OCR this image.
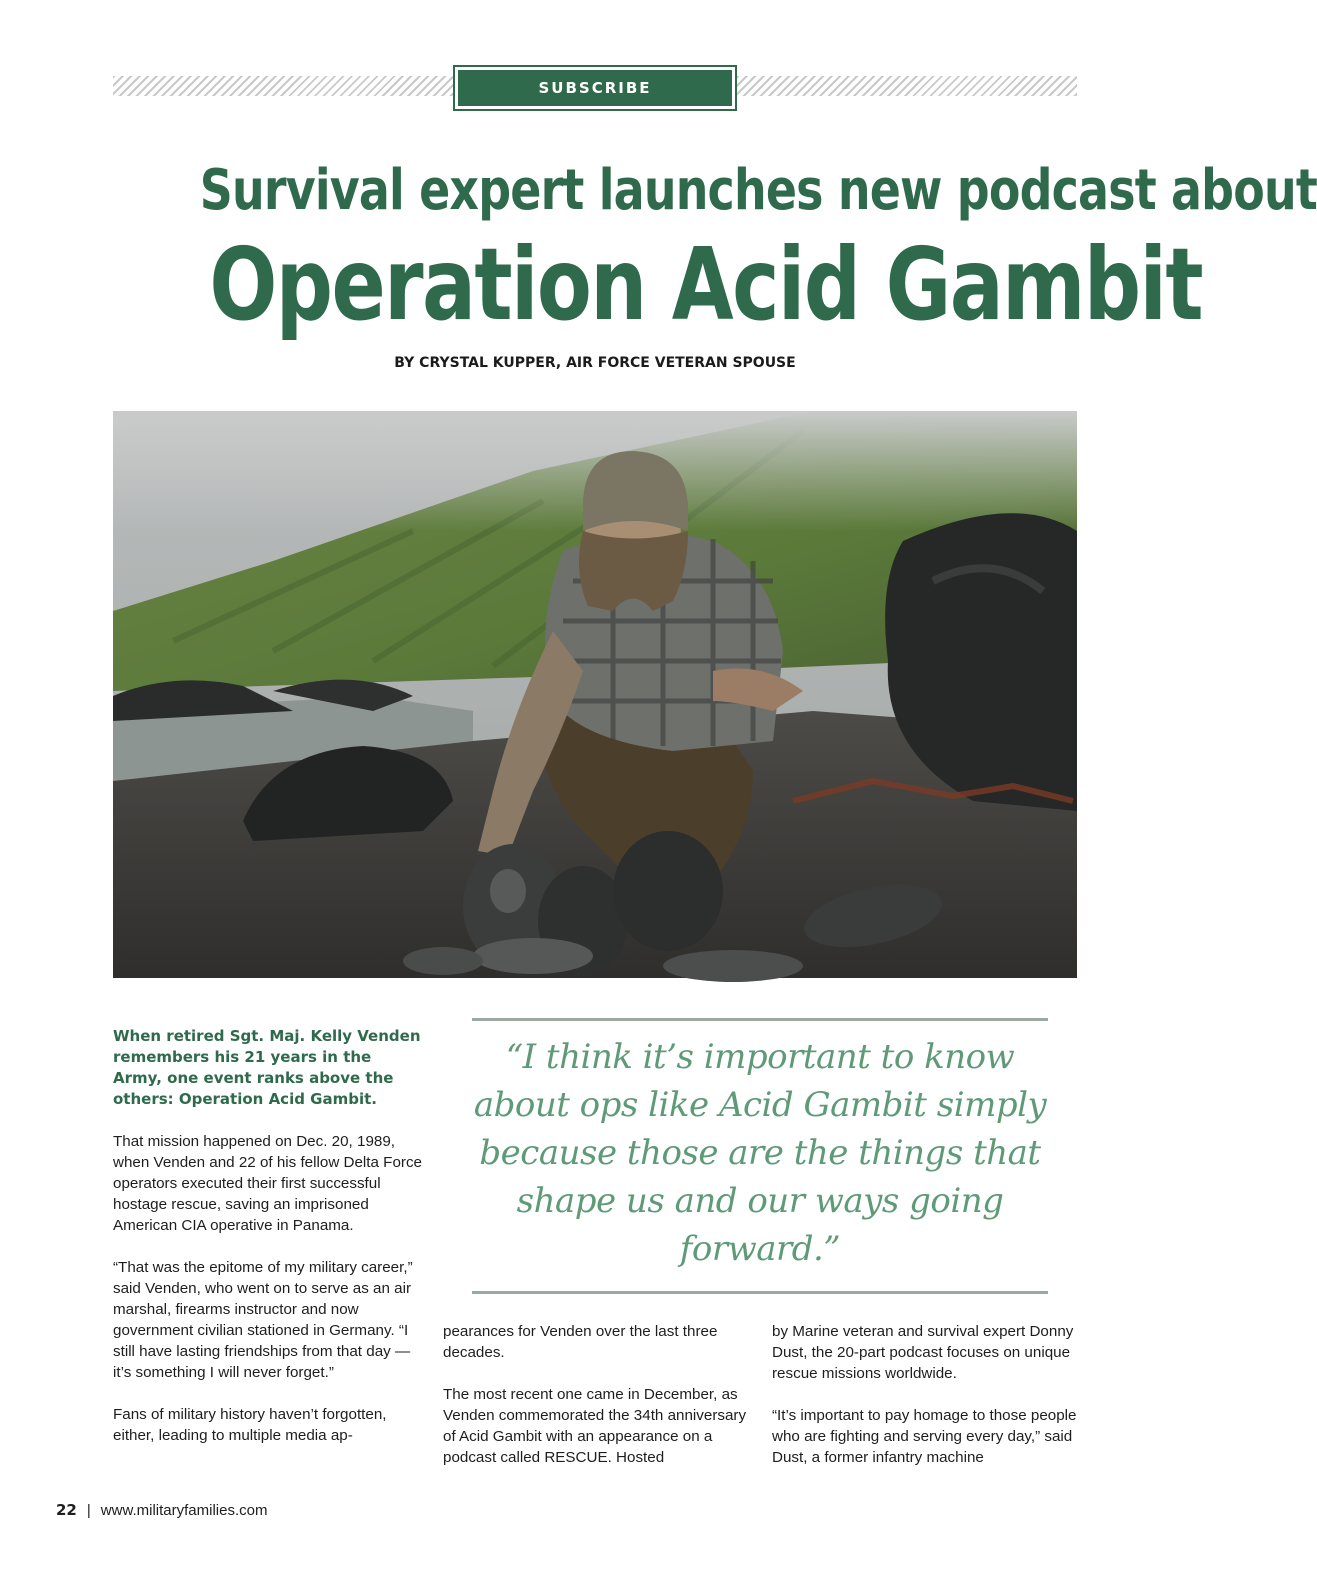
SUBSCRIBE
Survival expert launches new podcast about
Operation Acid Gambit
BY CRYSTAL KUPPER, AIR FORCE VETERAN SPOUSE

When retired Sgt. Maj. Kelly Venden remembers his 21 years in the Army, one event ranks above the others: Operation Acid Gambit.

That mission happened on Dec. 20, 1989, when Venden and 22 of his fellow Delta Force operators executed their first successful hostage rescue, saving an imprisoned American CIA operative in Panama.

“That was the epitome of my military career,” said Venden, who went on to serve as an air marshal, firearms instructor and now government civilian stationed in Germany. “I still have lasting friendships from that day — it’s something I will never forget.”

Fans of military history haven’t forgotten, either, leading to multiple media ap-

“I think it’s important to know about ops like Acid Gambit simply because those are the things that shape us and our ways going forward.”

pearances for Venden over the last three decades.

The most recent one came in December, as Venden commemorated the 34th anniversary of Acid Gambit with an appearance on a podcast called RESCUE. Hosted

by Marine veteran and survival expert Donny Dust, the 20-part podcast focuses on unique rescue missions worldwide.

“It’s important to pay homage to those people who are fighting and serving every day,” said Dust, a former infantry machine

22 | www.militaryfamilies.com
